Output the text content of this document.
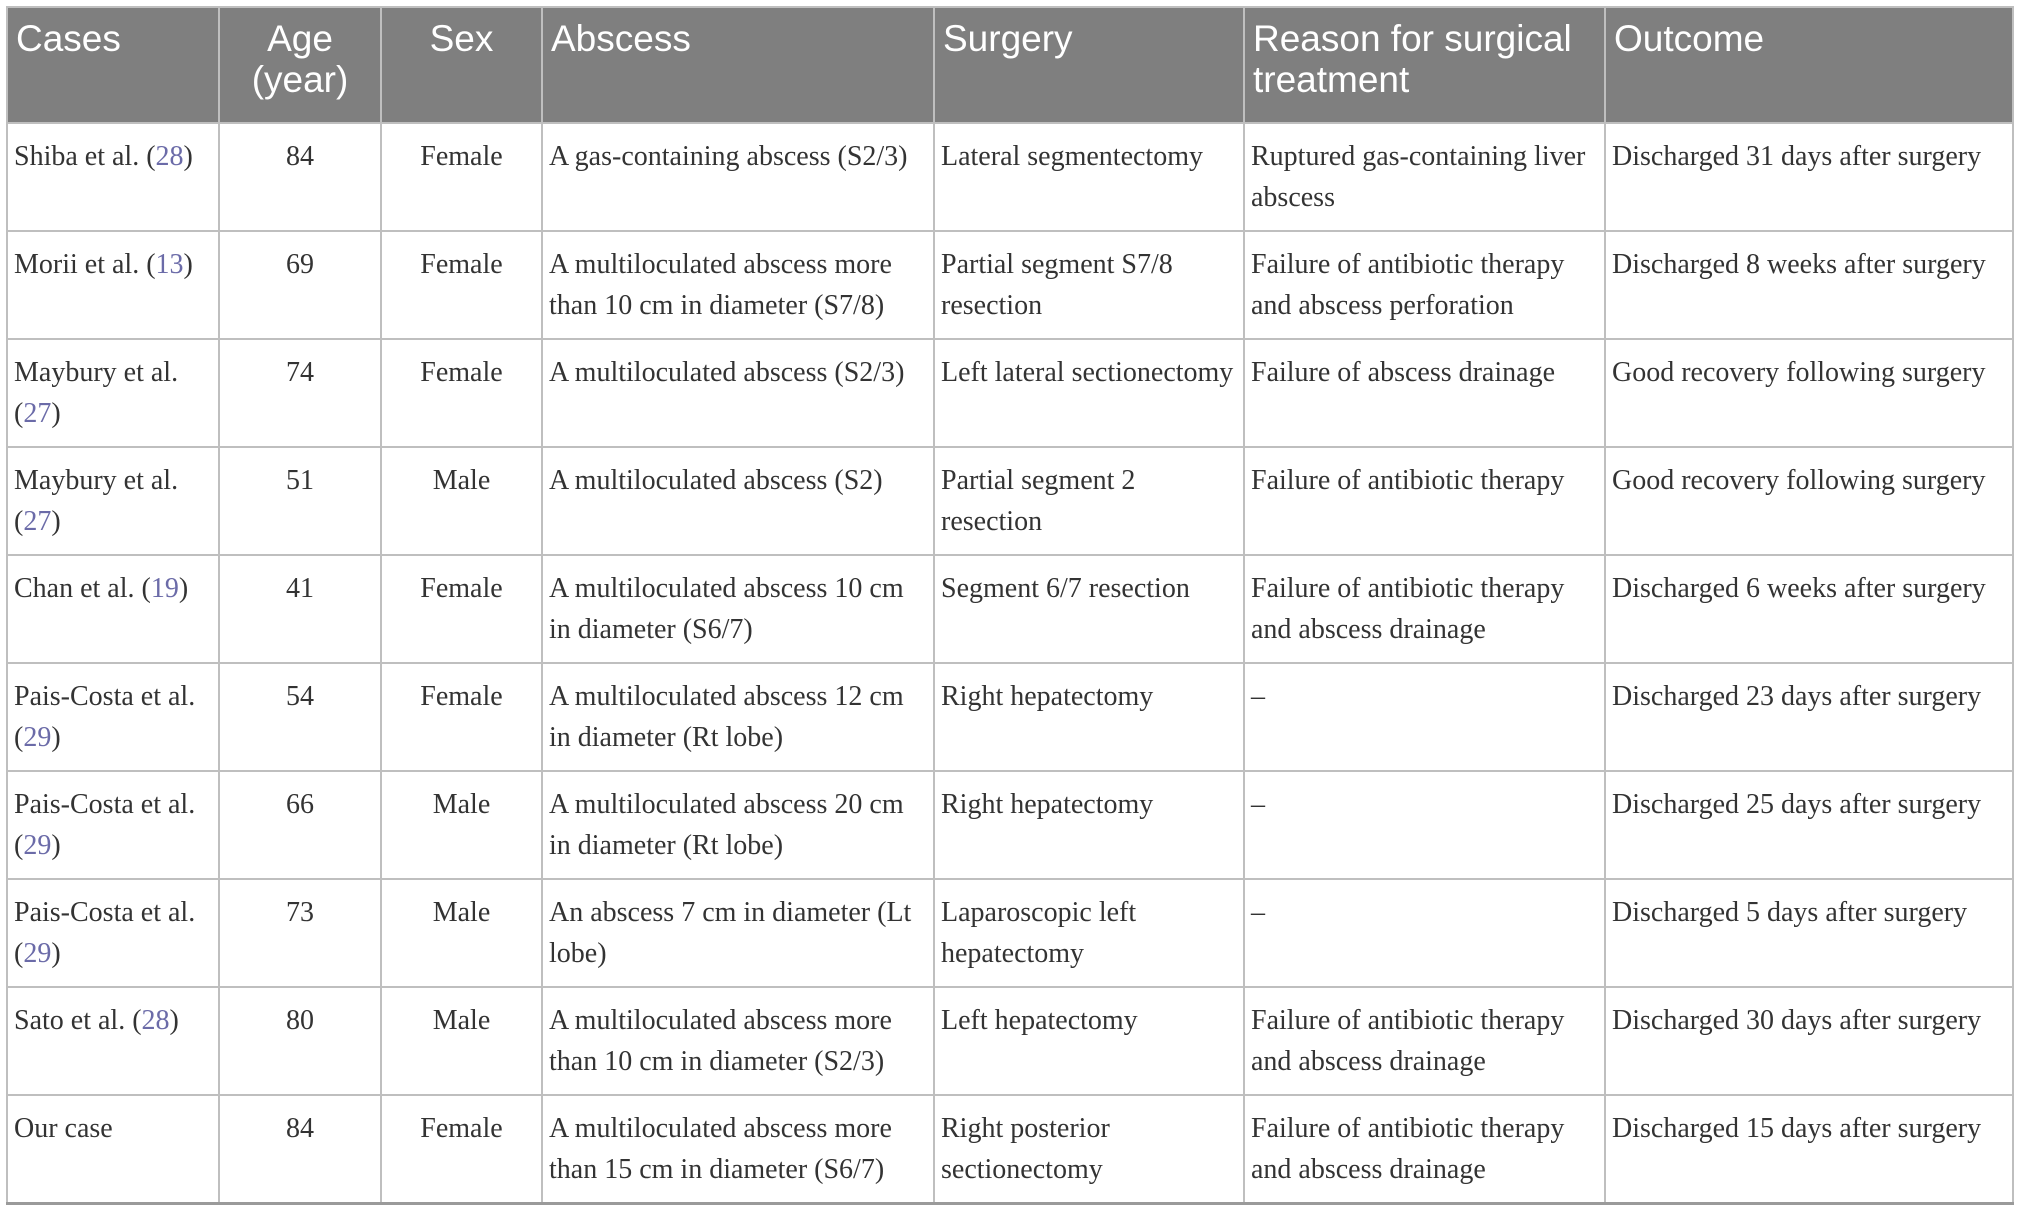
Cases	Age (year)	Sex	Abscess	Surgery	Reason for surgical treatment	Outcome
Shiba et al. (28)	84	Female	A gas-containing abscess (S2/3)	Lateral segmentectomy	Ruptured gas-containing liver abscess	Discharged 31 days after surgery
Morii et al. (13)	69	Female	A multiloculated abscess more than 10 cm in diameter (S7/8)	Partial segment S7/8 resection	Failure of antibiotic therapy and abscess perforation	Discharged 8 weeks after surgery
Maybury et al. (27)	74	Female	A multiloculated abscess (S2/3)	Left lateral sectionectomy	Failure of abscess drainage	Good recovery following surgery
Maybury et al. (27)	51	Male	A multiloculated abscess (S2)	Partial segment 2 resection	Failure of antibiotic therapy	Good recovery following surgery
Chan et al. (19)	41	Female	A multiloculated abscess 10 cm in diameter (S6/7)	Segment 6/7 resection	Failure of antibiotic therapy and abscess drainage	Discharged 6 weeks after surgery
Pais-Costa et al. (29)	54	Female	A multiloculated abscess 12 cm in diameter (Rt lobe)	Right hepatectomy	–	Discharged 23 days after surgery
Pais-Costa et al. (29)	66	Male	A multiloculated abscess 20 cm in diameter (Rt lobe)	Right hepatectomy	–	Discharged 25 days after surgery
Pais-Costa et al. (29)	73	Male	An abscess 7 cm in diameter (Lt lobe)	Laparoscopic left hepatectomy	–	Discharged 5 days after surgery
Sato et al. (28)	80	Male	A multiloculated abscess more than 10 cm in diameter (S2/3)	Left hepatectomy	Failure of antibiotic therapy and abscess drainage	Discharged 30 days after surgery
Our case	84	Female	A multiloculated abscess more than 15 cm in diameter (S6/7)	Right posterior sectionectomy	Failure of antibiotic therapy and abscess drainage	Discharged 15 days after surgery
